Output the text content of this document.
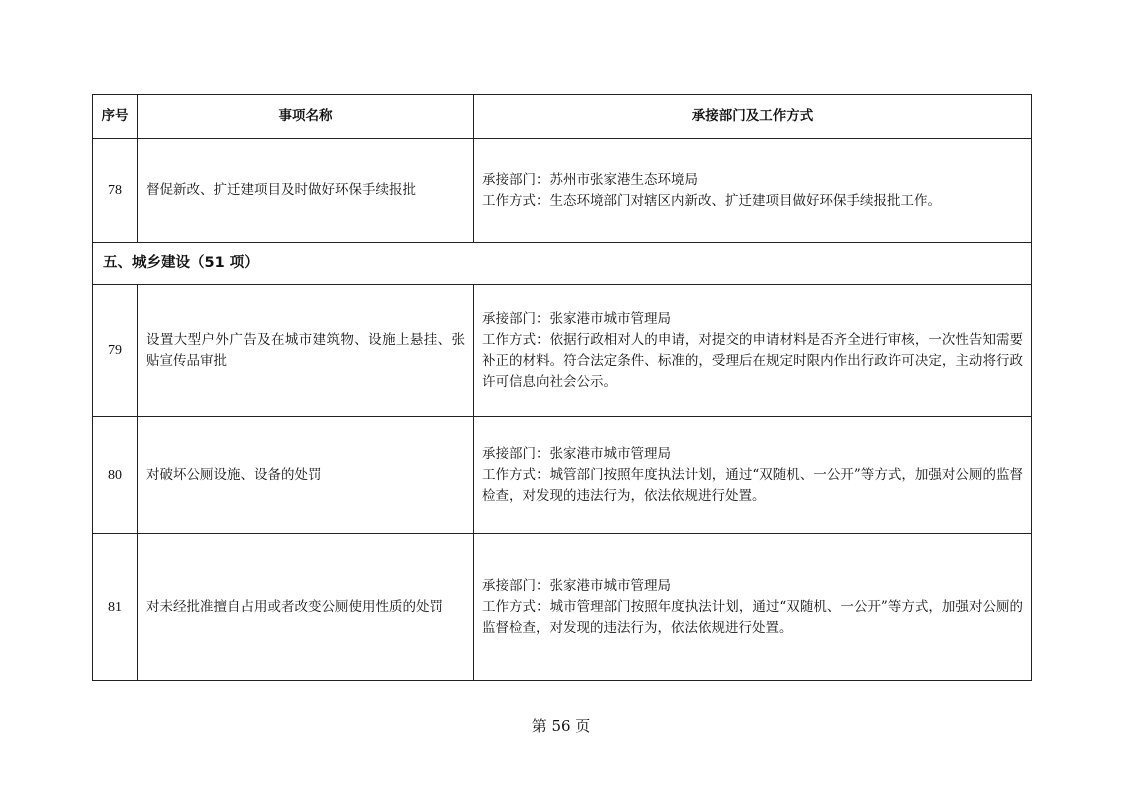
序号	事项名称	承接部门及工作方式
78	督促新改、扩迁建项目及时做好环保手续报批	承接部门：苏州市张家港生态环境局
工作方式：生态环境部门对辖区内新改、扩迁建项目做好环保手续报批工作。

五、城乡建设（51 项）		
79	设置大型户外广告及在城市建筑物、设施上悬挂、张贴宣传品审批	承接部门：张家港市城市管理局
工作方式：依据行政相对人的申请，对提交的申请材料是否齐全进行审核，一次性告知需要补正的材料。符合法定条件、标准的，受理后在规定时限内作出行政许可决定，主动将行政许可信息向社会公示。

80	对破坏公厕设施、设备的处罚	承接部门：张家港市城市管理局
工作方式：城管部门按照年度执法计划，通过“双随机、一公开”等方式，加强对公厕的监督检查，对发现的违法行为，依法依规进行处置。

81	对未经批准擅自占用或者改变公厕使用性质的处罚	承接部门：张家港市城市管理局
工作方式：城市管理部门按照年度执法计划，通过“双随机、一公开”等方式，加强对公厕的监督检查，对发现的违法行为，依法依规进行处置。
第 56 页
